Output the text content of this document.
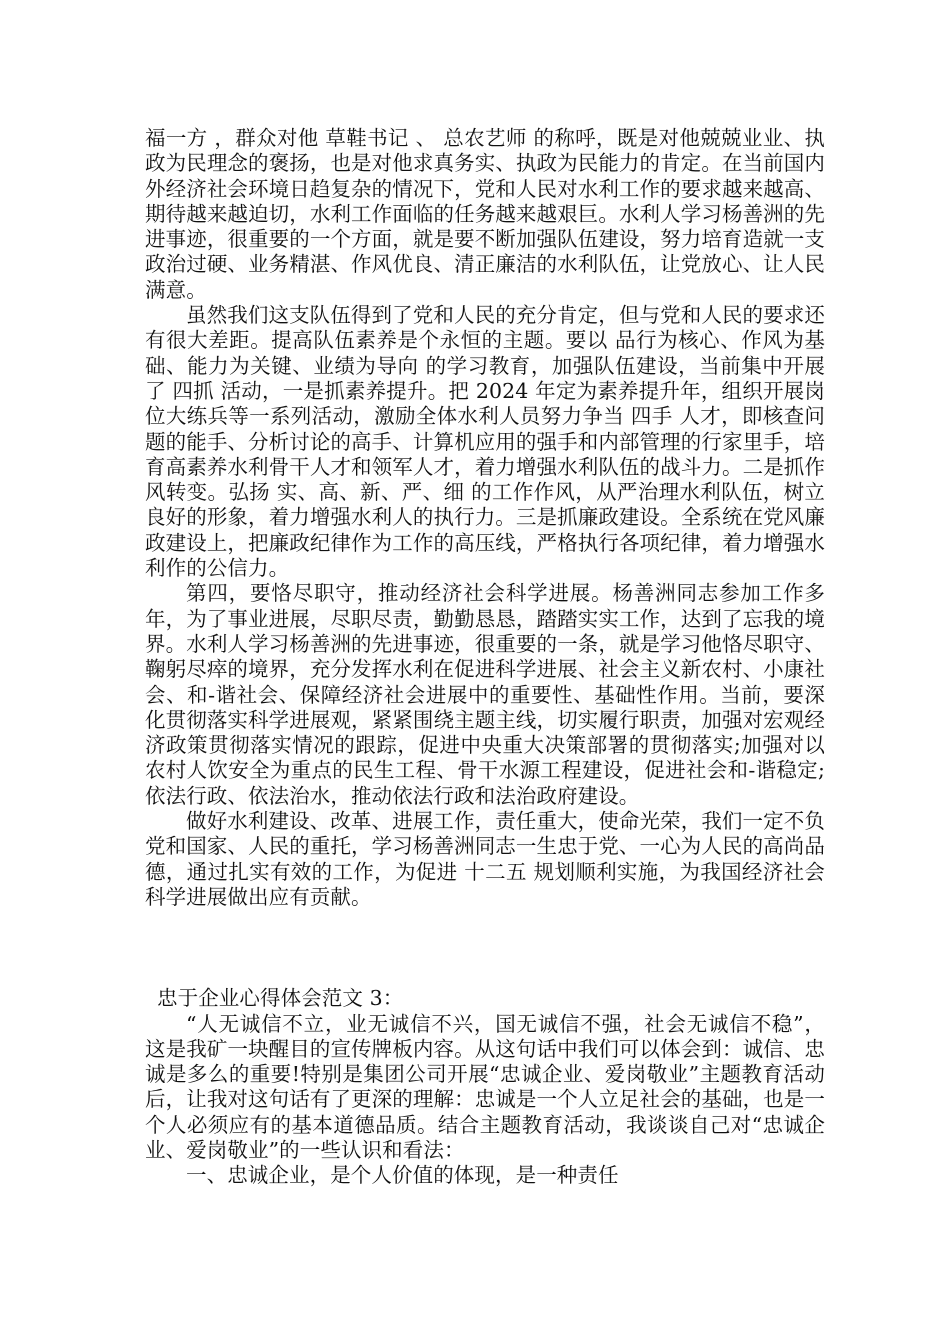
福一方 ，群众对他 草鞋书记 、 总农艺师 的称呼，既是对他兢兢业业、执政为民理念的褒扬，也是对他求真务实、执政为民能力的肯定。在当前国内外经济社会环境日趋复杂的情况下，党和人民对水利工作的要求越来越高、期待越来越迫切，水利工作面临的任务越来越艰巨。水利人学习杨善洲的先进事迹，很重要的一个方面，就是要不断加强队伍建设，努力培育造就一支政治过硬、业务精湛、作风优良、清正廉洁的水利队伍，让党放心、让人民满意。

虽然我们这支队伍得到了党和人民的充分肯定，但与党和人民的要求还有很大差距。提高队伍素养是个永恒的主题。要以 品行为核心、作风为基础、能力为关键、业绩为导向 的学习教育，加强队伍建设，当前集中开展了 四抓 活动，一是抓素养提升。把 2024 年定为素养提升年，组织开展岗位大练兵等一系列活动，激励全体水利人员努力争当 四手 人才，即核查问题的能手、分析讨论的高手、计算机应用的强手和内部管理的行家里手，培育高素养水利骨干人才和领军人才，着力增强水利队伍的战斗力。二是抓作风转变。弘扬 实、高、新、严、细 的工作作风，从严治理水利队伍，树立良好的形象，着力增强水利人的执行力。三是抓廉政建设。全系统在党风廉政建设上，把廉政纪律作为工作的高压线，严格执行各项纪律，着力增强水利作的公信力。

第四，要恪尽职守，推动经济社会科学进展。杨善洲同志参加工作多年，为了事业进展，尽职尽责，勤勤恳恳，踏踏实实工作，达到了忘我的境界。水利人学习杨善洲的先进事迹，很重要的一条，就是学习他恪尽职守、鞠躬尽瘁的境界，充分发挥水利在促进科学进展、社会主义新农村、小康社会、和-谐社会、保障经济社会进展中的重要性、基础性作用。当前，要深化贯彻落实科学进展观，紧紧围绕主题主线，切实履行职责，加强对宏观经济政策贯彻落实情况的跟踪，促进中央重大决策部署的贯彻落实;加强对以农村人饮安全为重点的民生工程、骨干水源工程建设，促进社会和-谐稳定;依法行政、依法治水，推动依法行政和法治政府建设。

做好水利建设、改革、进展工作，责任重大，使命光荣，我们一定不负党和国家、人民的重托，学习杨善洲同志一生忠于党、一心为人民的高尚品德，通过扎实有效的工作，为促进 十二五 规划顺利实施，为我国经济社会科学进展做出应有贡献。

忠于企业心得体会范文 3：

“人无诚信不立，业无诚信不兴，国无诚信不强，社会无诚信不稳”，这是我矿一块醒目的宣传牌板内容。从这句话中我们可以体会到：诚信、忠诚是多么的重要!特别是集团公司开展“忠诚企业、爱岗敬业”主题教育活动后，让我对这句话有了更深的理解：忠诚是一个人立足社会的基础，也是一个人必须应有的基本道德品质。结合主题教育活动，我谈谈自己对“忠诚企业、爱岗敬业”的一些认识和看法：

一、忠诚企业，是个人价值的体现，是一种责任
